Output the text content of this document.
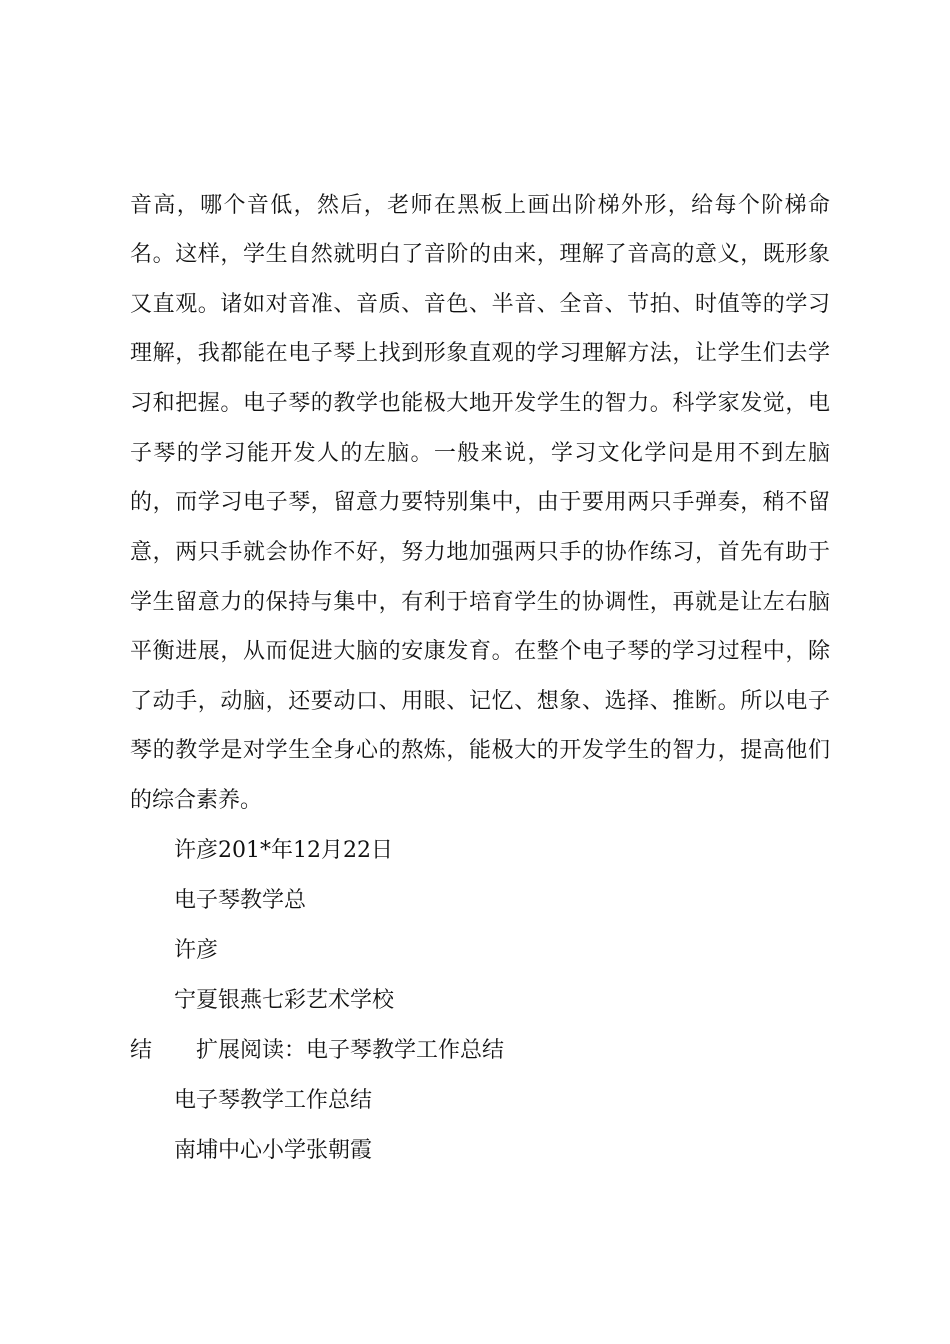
音高，哪个音低，然后，老师在黑板上画出阶梯外形，给每个阶梯命
名。这样，学生自然就明白了音阶的由来，理解了音高的意义，既形象
又直观。诸如对音准、音质、音色、半音、全音、节拍、时值等的学习
理解，我都能在电子琴上找到形象直观的学习理解方法，让学生们去学
习和把握。电子琴的教学也能极大地开发学生的智力。科学家发觉，电
子琴的学习能开发人的左脑。一般来说，学习文化学问是用不到左脑
的，而学习电子琴，留意力要特别集中，由于要用两只手弹奏，稍不留
意，两只手就会协作不好，努力地加强两只手的协作练习，首先有助于
学生留意力的保持与集中，有利于培育学生的协调性，再就是让左右脑
平衡进展，从而促进大脑的安康发育。在整个电子琴的学习过程中，除
了动手，动脑，还要动口、用眼、记忆、想象、选择、推断。所以电子
琴的教学是对学生全身心的熬炼，能极大的开发学生的智力，提高他们
的综合素养。
许彦201*年12月22日
电子琴教学总
许彦
宁夏银燕七彩艺术学校
结 扩展阅读：电子琴教学工作总结
电子琴教学工作总结
南埔中心小学张朝霞
